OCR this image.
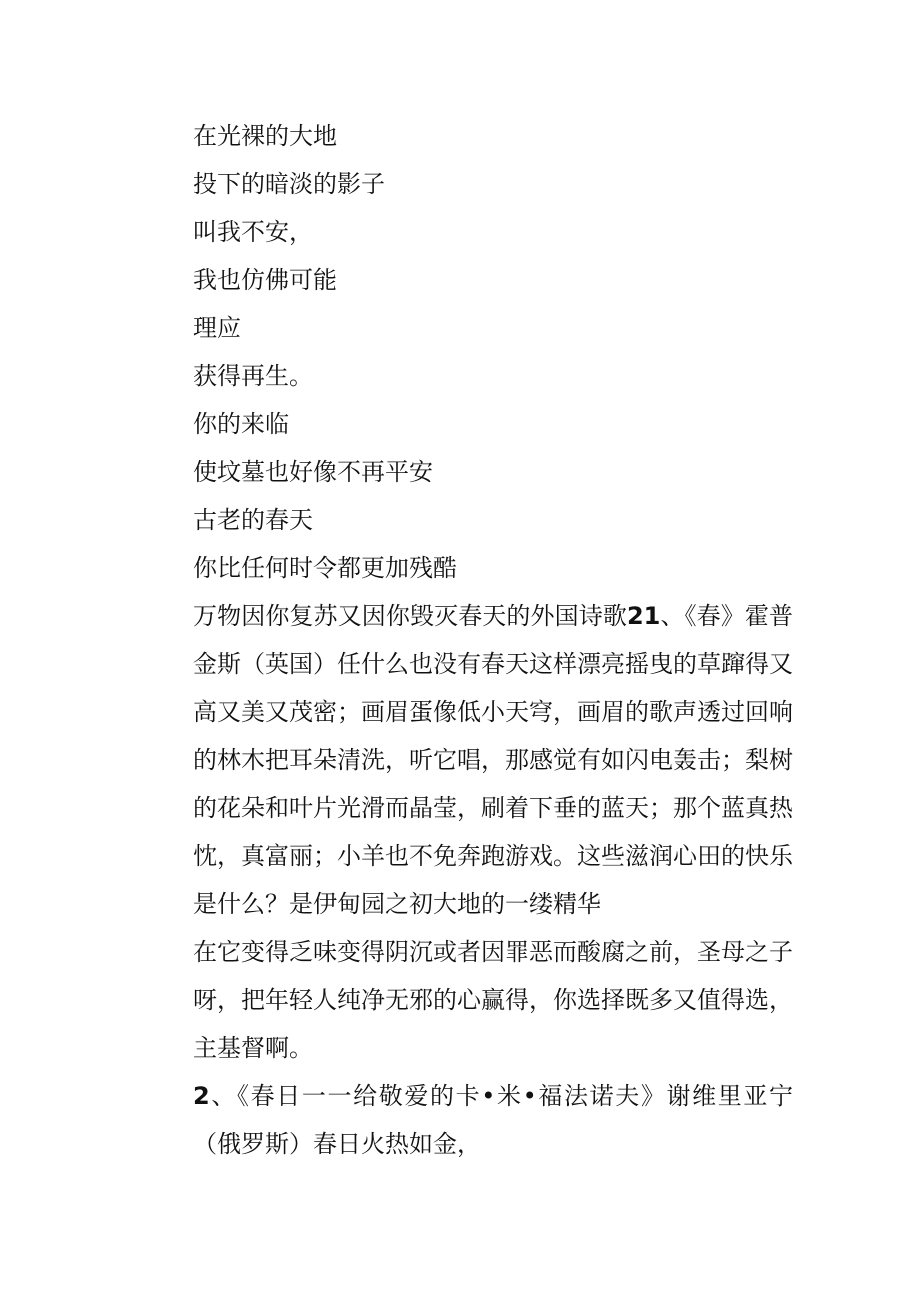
在光裸的大地
投下的暗淡的影子
叫我不安，
我也仿佛可能
理应
获得再生。
你的来临
使坟墓也好像不再平安
古老的春天
你比任何时令都更加残酷

万物因你复苏又因你毁灭春天的外国诗歌21、《春》霍普金斯（英国）任什么也没有春天这样漂亮摇曳的草蹿得又高又美又茂密；画眉蛋像低小天穹，画眉的歌声透过回响的林木把耳朵清洗，听它唱，那感觉有如闪电轰击；梨树的花朵和叶片光滑而晶莹，刷着下垂的蓝天；那个蓝真热忱，真富丽；小羊也不免奔跑游戏。这些滋润心田的快乐是什么？是伊甸园之初大地的一缕精华

在它变得乏味变得阴沉或者因罪恶而酸腐之前，圣母之子呀，把年轻人纯净无邪的心赢得，你选择既多又值得选，主基督啊。

2、《春日一一给敬爱的卡•米•福法诺夫》谢维里亚宁（俄罗斯）春日火热如金，
